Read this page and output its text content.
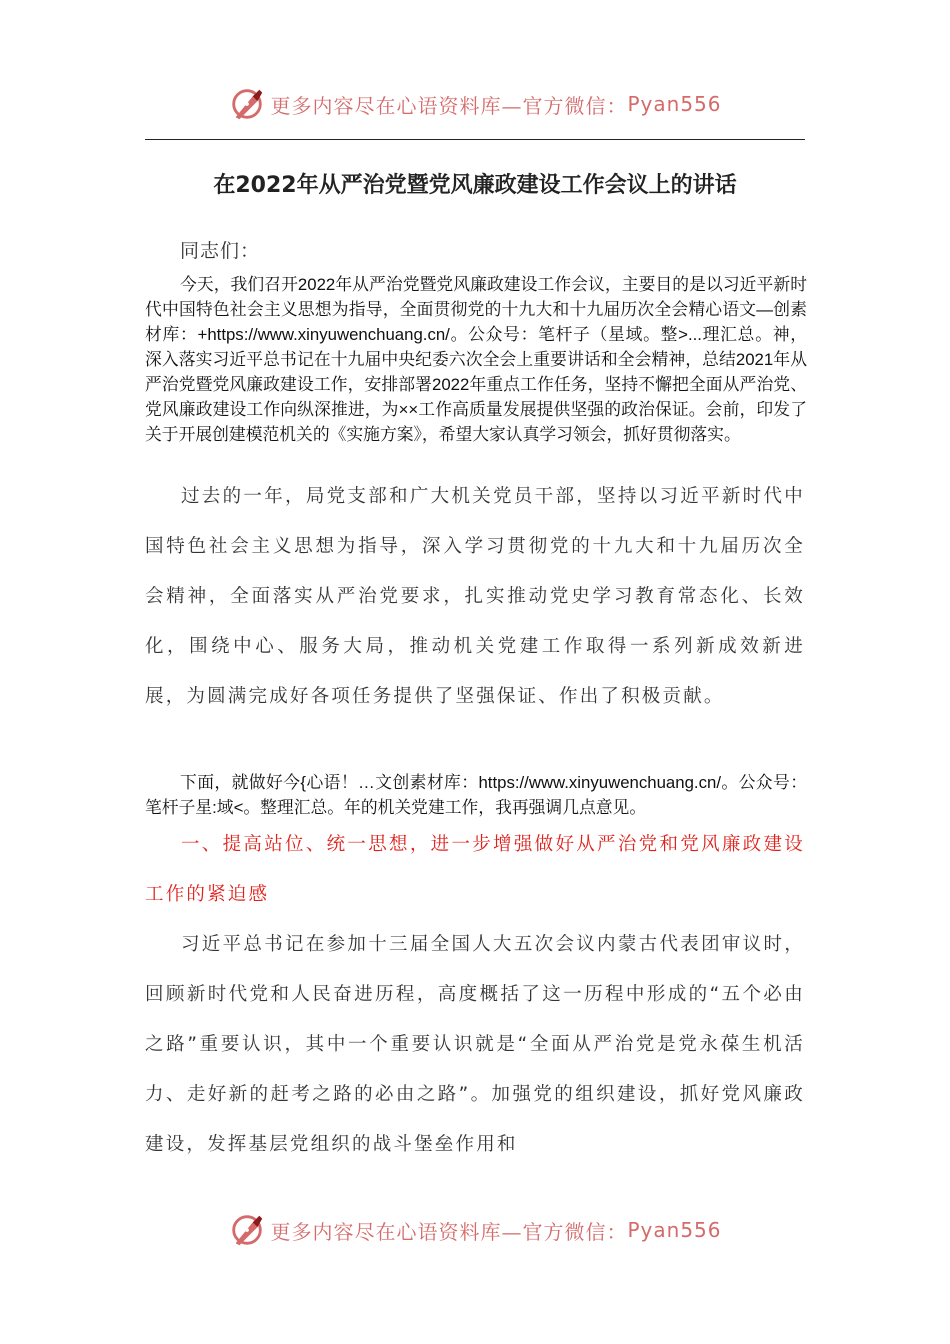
更多内容尽在心语资料库—官方微信： Pyan556
在2022年从严治党暨党风廉政建设工作会议上的讲话
同志们：
今天，我们召开2022年从严治党暨党风廉政建设工作会议，主要目的是以习近平新时代中国特色社会主义思想为指导，全面贯彻党的十九大和十九届历次全会精心语文—创素材库：+https://www.xinyuwenchuang.cn/。公众号：笔杆子（星域。整>...理汇总。神，深入落实习近平总书记在十九届中央纪委六次全会上重要讲话和全会精神，总结2021年从严治党暨党风廉政建设工作，安排部署2022年重点工作任务，坚持不懈把全面从严治党、党风廉政建设工作向纵深推进，为××工作高质量发展提供坚强的政治保证。会前，印发了关于开展创建模范机关的《实施方案》，希望大家认真学习领会，抓好贯彻落实。
过去的一年，局党支部和广大机关党员干部，坚持以习近平新时代中国特色社会主义思想为指导，深入学习贯彻党的十九大和十九届历次全会精神，全面落实从严治党要求，扎实推动党史学习教育常态化、长效化，围绕中心、服务大局，推动机关党建工作取得一系列新成效新进展，为圆满完成好各项任务提供了坚强保证、作出了积极贡献。
下面，就做好今{心语！…文创素材库：https://www.xinyuwenchuang.cn/。公众号：笔杆子星:域<。整理汇总。年的机关党建工作，我再强调几点意见。
一、提高站位、统一思想，进一步增强做好从严治党和党风廉政建设工作的紧迫感
习近平总书记在参加十三届全国人大五次会议内蒙古代表团审议时，回顾新时代党和人民奋进历程，高度概括了这一历程中形成的“五个必由之路”重要认识，其中一个重要认识就是“全面从严治党是党永葆生机活力、走好新的赶考之路的必由之路”。加强党的组织建设，抓好党风廉政建设，发挥基层党组织的战斗堡垒作用和
更多内容尽在心语资料库—官方微信： Pyan556
